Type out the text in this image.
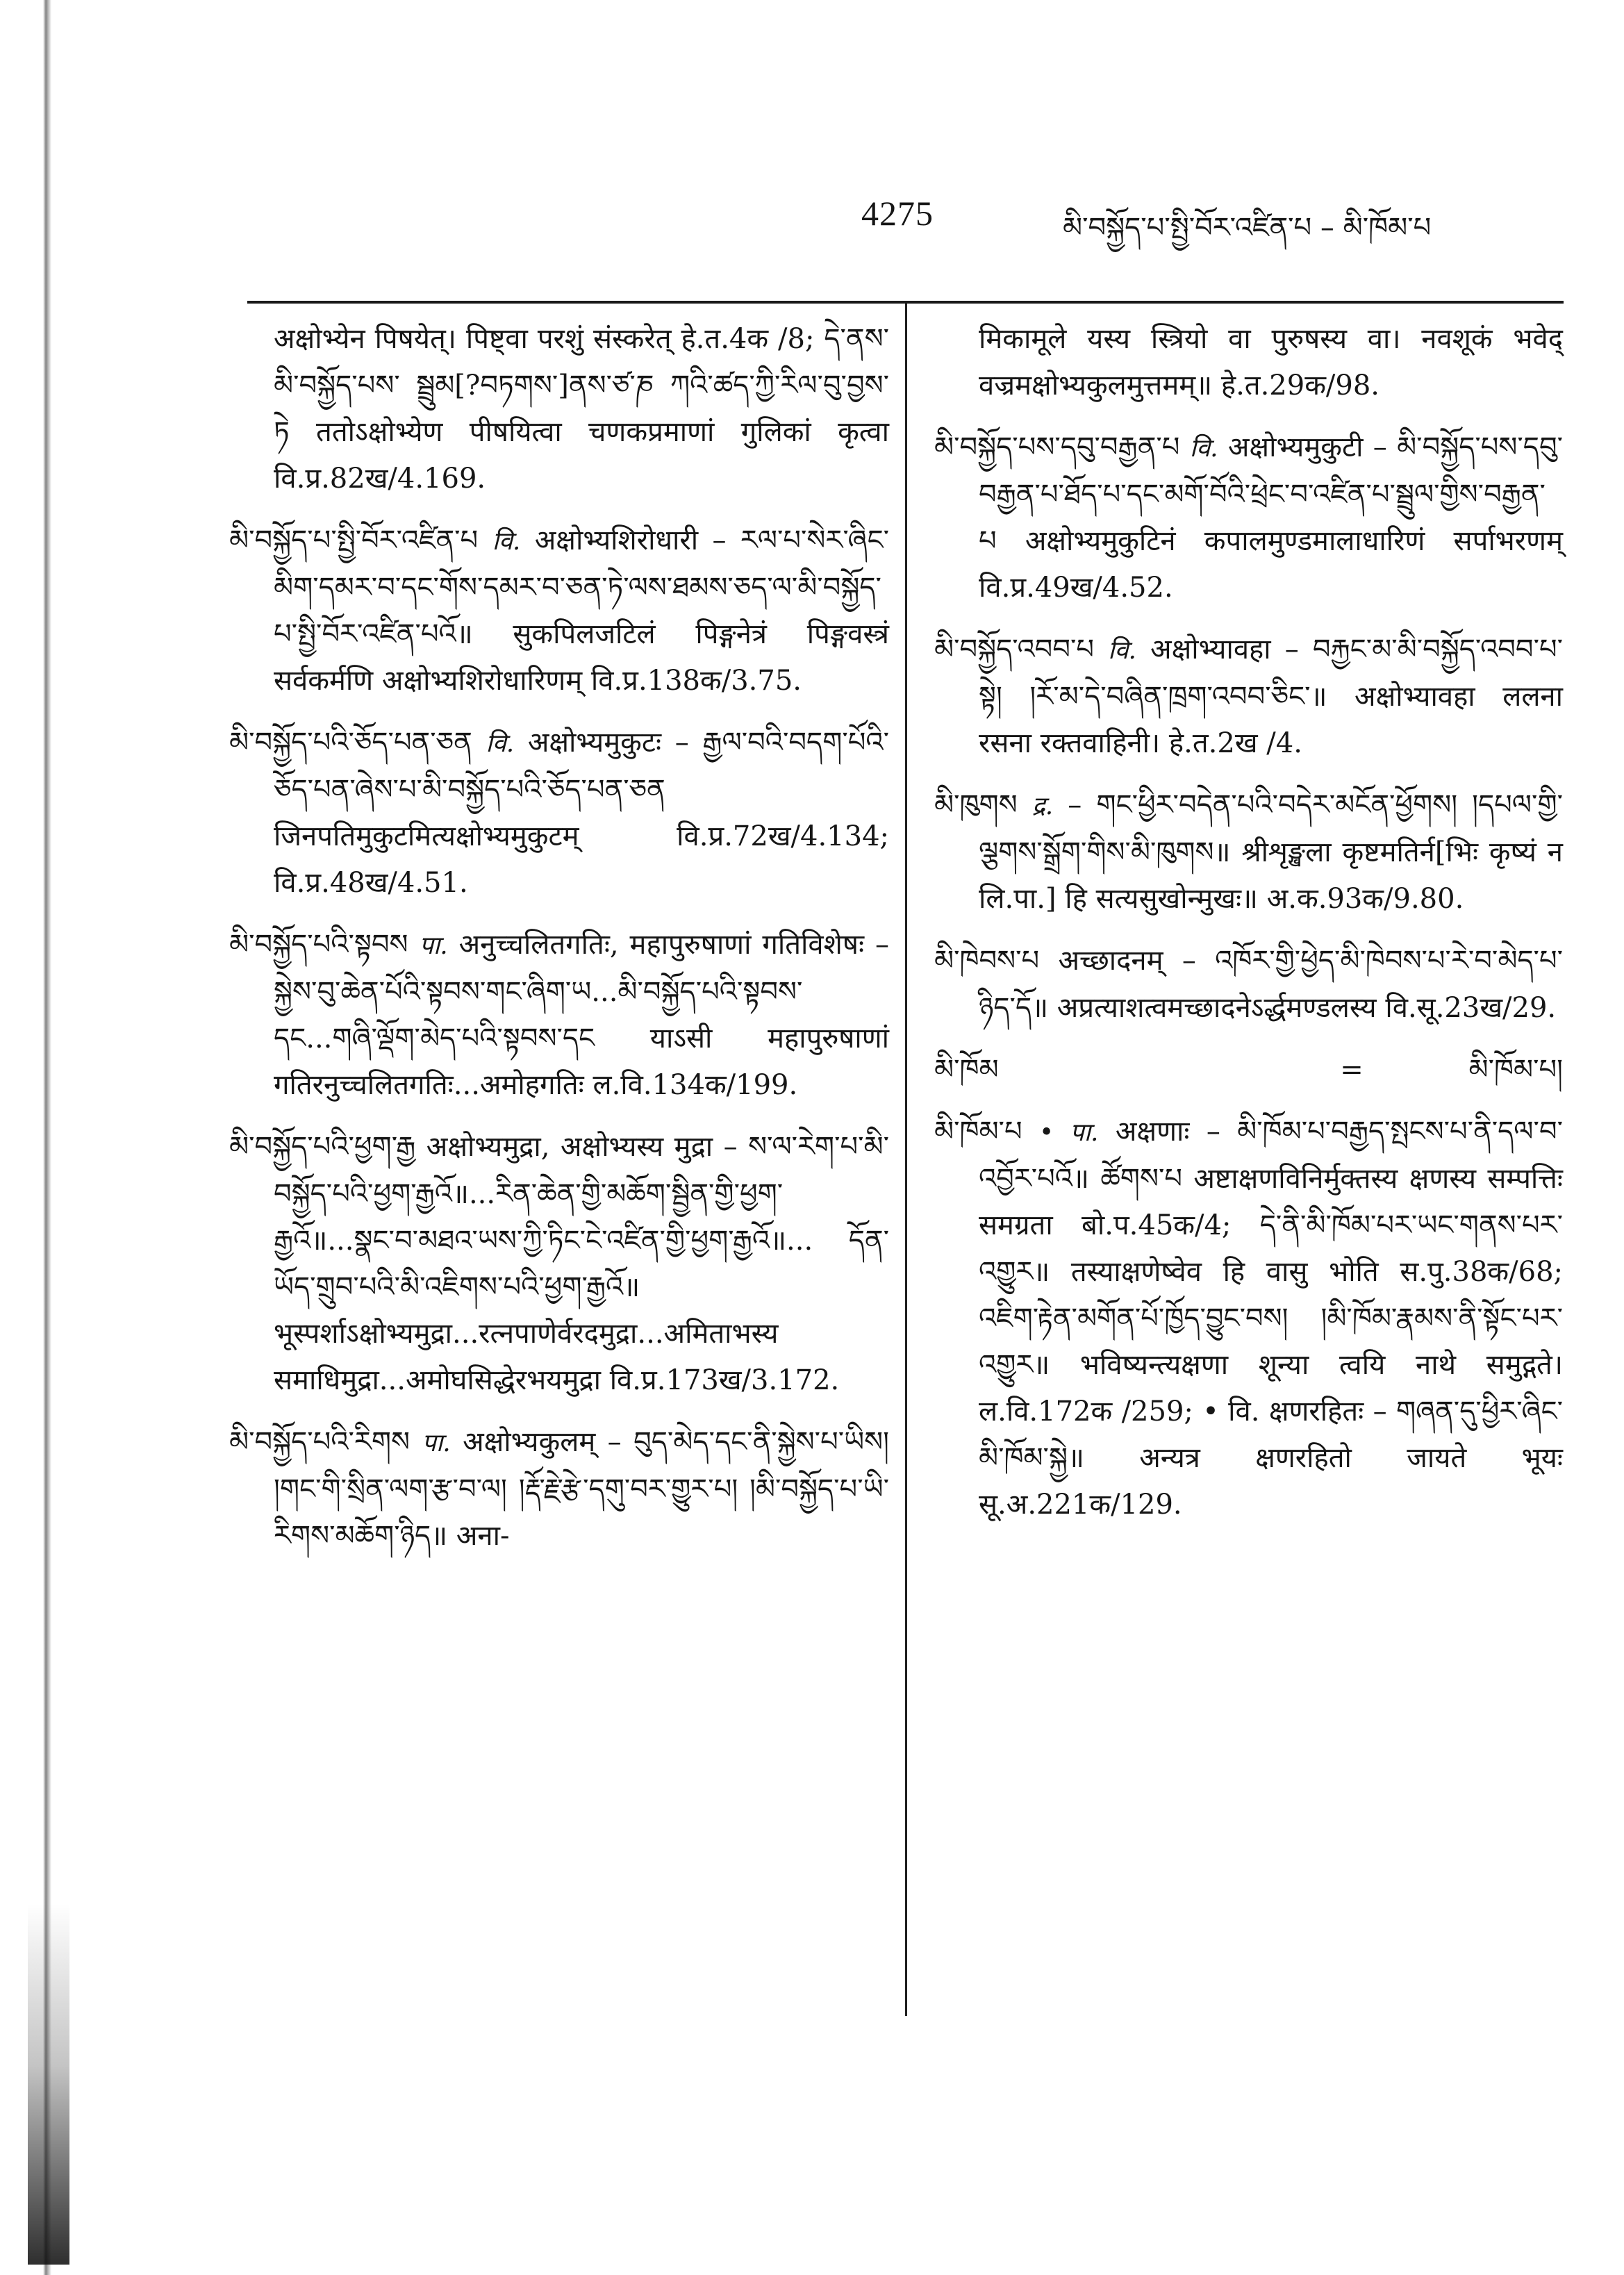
4275	མི་བསྐྱོད་པ་སྤྱི་བོར་འཛིན་པ – མི་ཁོམ་པ

अक्षोभ्येन पिषयेत्। पिष्ट्वा परशुं संस्करेत् हे.त.4क /8; དེ་ནས་མི་བསྐྱོད་པས་ སྦྲུམ[?བཏགས་]ནས་ཙ་ཎ ཀའི་ཚད་ཀྱི་རིལ་བུ་བྱས་ཏེ ततोऽक्षोभ्येण पीषयित्वा चणकप्रमाणां गुलिकां कृत्वा वि.प्र.82ख/4.169.

མི་བསྐྱོད་པ་སྤྱི་བོར་འཛིན་པ वि. अक्षोभ्यशिरोधारी – རལ་པ་སེར་ཞིང་ མིག་དམར་བ་དང་གོས་དམར་བ་ཅན་ཏེ་ལས་ཐམས་ཅད་ལ་མི་བསྐྱོད་པ་སྤྱི་བོར་འཛིན་པའོ॥ सुकपिलजटिलं पिङ्गनेत्रं पिङ्गवस्त्रं सर्वकर्मणि अक्षोभ्यशिरोधारिणम् वि.प्र.138क/3.75.

མི་བསྐྱོད་པའི་ཅོད་པན་ཅན वि. अक्षोभ्यमुकुटः – རྒྱལ་བའི་བདག་པོའི་ཅོད་པན་ཞེས་པ་མི་བསྐྱོད་པའི་ཅོད་པན་ཅན जिनपतिमुकुटमित्यक्षोभ्यमुकुटम् वि.प्र.72ख/4.134; वि.प्र.48ख/4.51.

མི་བསྐྱོད་པའི་སྟབས पा. अनुच्चलितगतिः, महापुरुषाणां गतिविशेषः – སྐྱེས་བུ་ཆེན་པོའི་སྟབས་གང་ཞིག་ཡ...མི་བསྐྱོད་པའི་སྟབས་དང...གཞི་ལྡོག་མེད་པའི་སྟབས་དང याऽसी महापुरुषाणां गतिरनुच्चलितगतिः...अमोहगतिः ल.वि.134क/199.

མི་བསྐྱོད་པའི་ཕྱག་རྒྱ अक्षोभ्यमुद्रा, अक्षोभ्यस्य मुद्रा – ས་ལ་རེག་པ་མི་བསྐྱོད་པའི་ཕྱག་རྒྱའོ॥...རིན་ཆེན་གྱི་མཆོག་སྦྱིན་གྱི་ཕྱག་རྒྱའོ॥...སྣང་བ་མཐའ་ཡས་ཀྱི་ཏིང་ངེ་འཛིན་གྱི་ཕྱག་རྒྱའོ॥... དོན་ཡོད་གྲུབ་པའི་མི་འཇིགས་པའི་ཕྱག་རྒྱའོ॥ भूस्पर्शाऽक्षोभ्यमुद्रा...रत्नपाणेर्वरदमुद्रा...अमिताभस्य समाधिमुद्रा...अमोघसिद्धेरभयमुद्रा वि.प्र.173ख/3.172.

མི་བསྐྱོད་པའི་རིགས पा. अक्षोभ्यकुलम् – བུད་མེད་དང་ནི་སྐྱེས་པ་ཡིས། །གང་གི་སྲིན་ལག་རྩ་བ་ལ། །རྡོ་རྗེ་རྩེ་དགུ་བར་གྱུར་པ། །མི་བསྐྱོད་པ་ཡི་རིགས་མཆོག་ཉིད॥ अना-

मिकामूले यस्य स्त्रियो वा पुरुषस्य वा। नवशूकं भवेद् वज्रमक्षोभ्यकुलमुत्तमम्॥ हे.त.29क/98.

མི་བསྐྱོད་པས་དབུ་བརྒྱན་པ वि. अक्षोभ्यमुकुटी – མི་བསྐྱོད་པས་དབུ་བརྒྱན་པ་ཐོད་པ་དང་མགོ་བོའི་ཕྲེང་བ་འཛིན་པ་སྦྲུལ་གྱིས་བརྒྱན་པ अक्षोभ्यमुकुटिनं कपालमुण्डमालाधारिणं सर्पाभरणम् वि.प्र.49ख/4.52.

མི་བསྐྱོད་འབབ་པ वि. अक्षोभ्यावहा – བརྐྱང་མ་མི་བསྐྱོད་འབབ་པ་སྟེ། །རོ་མ་དེ་བཞིན་ཁྲག་འབབ་ཅིང་॥ अक्षोभ्यावहा ललना रसना रक्तवाहिनी। हे.त.2ख /4.

མི་ཁུགས द्र. – གང་ཕྱིར་བདེན་པའི་བདེར་མངོན་ཕྱོགས། །དཔལ་གྱི་ལྕགས་སྒྲོག་གིས་མི་ཁུགས॥ श्रीशृङ्खला कृष्टमतिर्न[भिः कृष्यं न लि.पा.] हि सत्यसुखोन्मुखः॥ अ.क.93क/9.80.

མི་ཁེབས་པ अच्छादनम् – འཁོར་གྱི་ཕྱེད་མི་ཁེབས་པ་རེ་བ་མེད་པ་ཉིད་དོ॥ अप्रत्याशत्वमच्छादनेऽर्द्धमण्डलस्य वि.सू.23ख/29.

མི་ཁོམ	=	མི་ཁོམ་པ།

མི་ཁོམ་པ • पा. अक्षणाः – མི་ཁོམ་པ་བརྒྱད་སྤངས་པ་ནི་དལ་བ་འབྱོར་པའོ॥ ཚོགས་པ अष्टाक्षणविनिर्मुक्तस्य क्षणस्य सम्पत्तिः समग्रता बो.प.45क/4; དེ་ནི་མི་ཁོམ་པར་ཡང་གནས་པར་འགྱུར॥ तस्याक्षणेष्वेव हि वासु भोति स.पु.38क/68; འཇིག་རྟེན་མགོན་པོ་ཁྱོད་བྱུང་བས། །མི་ཁོམ་རྣམས་ནི་སྟོང་པར་འགྱུར॥ भविष्यन्त्यक्षणा शून्या त्वयि नाथे समुद्गते। ल.वि.172क /259; • वि. क्षणरहितः – གཞན་དུ་ཕྱིར་ཞིང་མི་ཁོམ་སྐྱེ॥ अन्यत्र क्षणरहितो जायते भूयः सू.अ.221क/129.
